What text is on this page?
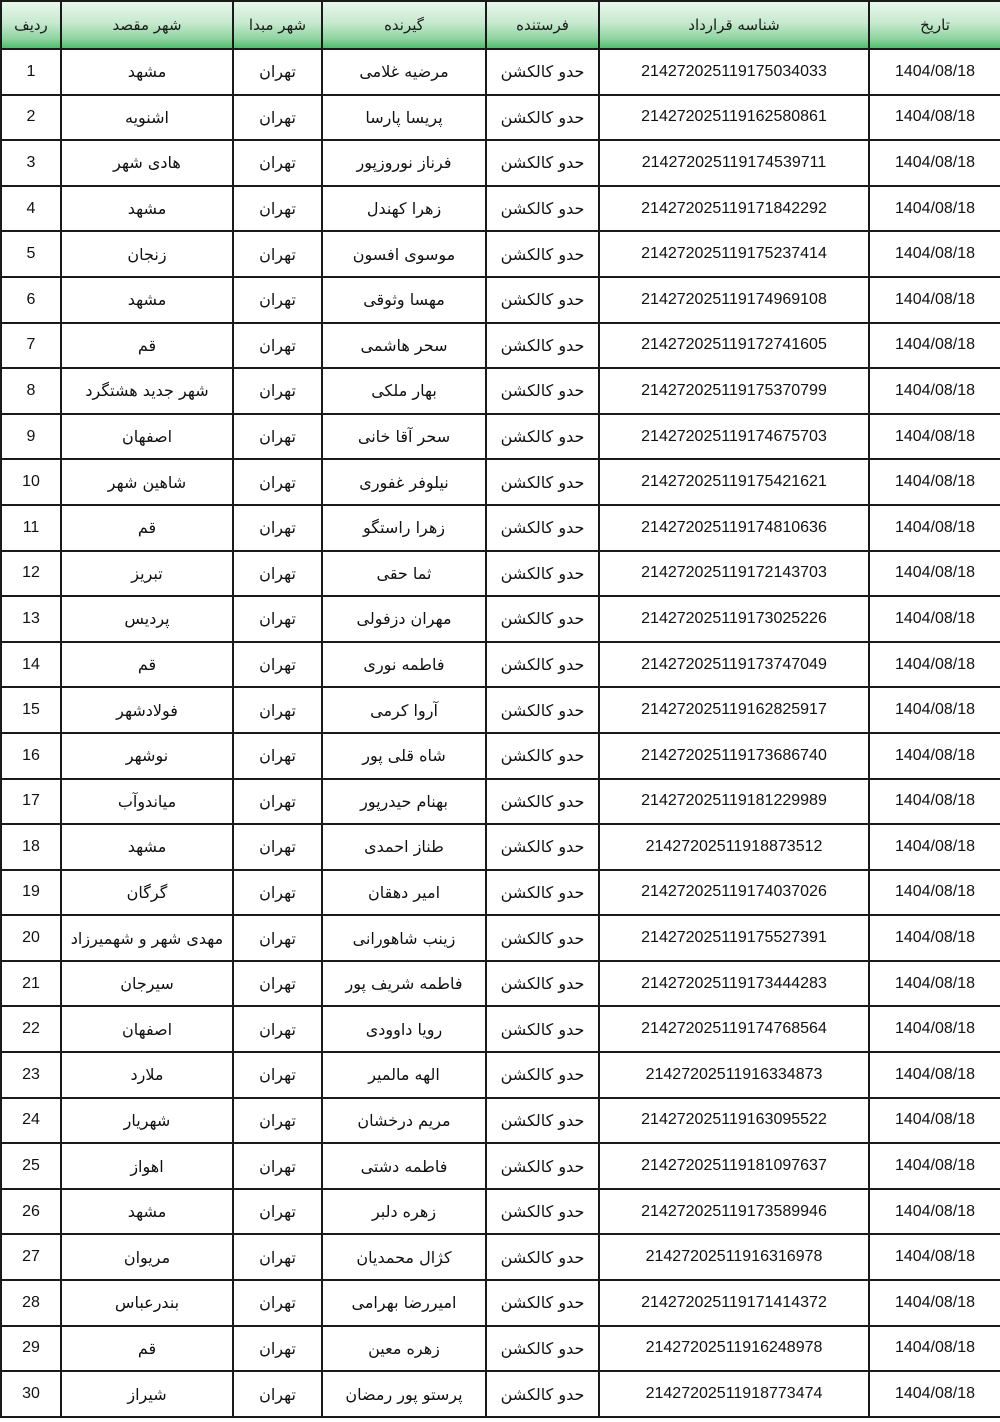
ردیف	شهر مقصد	شهر مبدا	گیرنده	فرستنده	شناسه قرارداد	تاریخ
1	مشهد	تهران	مرضیه غلامی	حدو کالکشن	214272025119175034033	1404/08/18
2	اشنویه	تهران	پریسا پارسا	حدو کالکشن	214272025119162580861	1404/08/18
3	هادی شهر	تهران	فرناز نوروزپور	حدو کالکشن	214272025119174539711	1404/08/18
4	مشهد	تهران	زهرا کهندل	حدو کالکشن	214272025119171842292	1404/08/18
5	زنجان	تهران	موسوی افسون	حدو کالکشن	214272025119175237414	1404/08/18
6	مشهد	تهران	مهسا وثوقی	حدو کالکشن	214272025119174969108	1404/08/18
7	قم	تهران	سحر هاشمی	حدو کالکشن	214272025119172741605	1404/08/18
8	شهر جدید هشتگرد	تهران	بهار ملکی	حدو کالکشن	214272025119175370799	1404/08/18
9	اصفهان	تهران	سحر آقا خانی	حدو کالکشن	214272025119174675703	1404/08/18
10	شاهین شهر	تهران	نیلوفر غفوری	حدو کالکشن	214272025119175421621	1404/08/18
11	قم	تهران	زهرا راستگو	حدو کالکشن	214272025119174810636	1404/08/18
12	تبریز	تهران	ثما حقی	حدو کالکشن	214272025119172143703	1404/08/18
13	پردیس	تهران	مهران دزفولی	حدو کالکشن	214272025119173025226	1404/08/18
14	قم	تهران	فاطمه نوری	حدو کالکشن	214272025119173747049	1404/08/18
15	فولادشهر	تهران	آروا کرمی	حدو کالکشن	214272025119162825917	1404/08/18
16	نوشهر	تهران	شاه قلی پور	حدو کالکشن	214272025119173686740	1404/08/18
17	میاندوآب	تهران	بهنام حیدرپور	حدو کالکشن	214272025119181229989	1404/08/18
18	مشهد	تهران	طناز احمدی	حدو کالکشن	21427202511918873512	1404/08/18
19	گرگان	تهران	امیر دهقان	حدو کالکشن	214272025119174037026	1404/08/18
20	مهدی شهر و شهمیرزاد	تهران	زینب شاهورانی	حدو کالکشن	214272025119175527391	1404/08/18
21	سیرجان	تهران	فاطمه شریف پور	حدو کالکشن	214272025119173444283	1404/08/18
22	اصفهان	تهران	رویا داوودی	حدو کالکشن	214272025119174768564	1404/08/18
23	ملارد	تهران	الهه مالمیر	حدو کالکشن	21427202511916334873	1404/08/18
24	شهریار	تهران	مریم درخشان	حدو کالکشن	214272025119163095522	1404/08/18
25	اهواز	تهران	فاطمه دشتی	حدو کالکشن	214272025119181097637	1404/08/18
26	مشهد	تهران	زهره دلبر	حدو کالکشن	214272025119173589946	1404/08/18
27	مریوان	تهران	کژال محمدیان	حدو کالکشن	21427202511916316978	1404/08/18
28	بندرعباس	تهران	امیررضا بهرامی	حدو کالکشن	214272025119171414372	1404/08/18
29	قم	تهران	زهره معین	حدو کالکشن	21427202511916248978	1404/08/18
30	شیراز	تهران	پرستو پور رمضان	حدو کالکشن	21427202511918773474	1404/08/18
